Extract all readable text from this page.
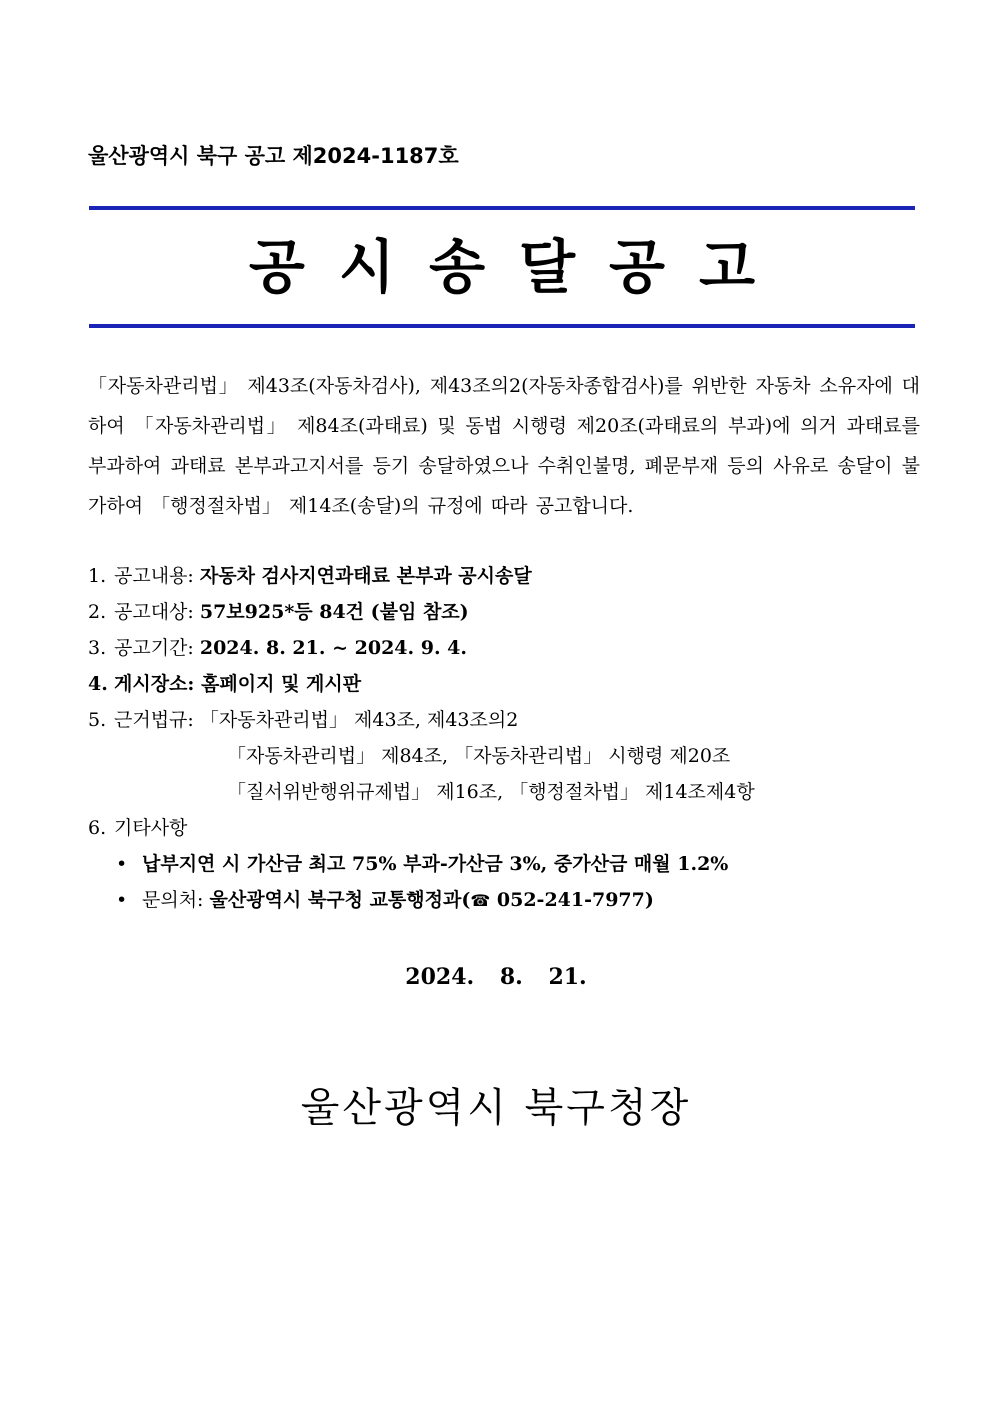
울산광역시 북구 공고 제2024-1187호
공시송달공고
「자동차관리법」 제43조(자동차검사), 제43조의2(자동차종합검사)를 위반한 자동차 소유자에 대하여 「자동차관리법」 제84조(과태료) 및 동법 시행령 제20조(과태료의 부과)에 의거 과태료를 부과하여 과태료 본부과고지서를 등기 송달하였으나 수취인불명, 폐문부재 등의 사유로 송달이 불가하여 「행정절차법」 제14조(송달)의 규정에 따라 공고합니다.
1. 공고내용: 자동차 검사지연과태료 본부과 공시송달
2. 공고대상: 57보925*등 84건 (붙임 참조)
3. 공고기간: 2024. 8. 21. ~ 2024. 9. 4.
4. 게시장소: 홈페이지 및 게시판
5. 근거법규: 「자동차관리법」 제43조, 제43조의2
「자동차관리법」 제84조, 「자동차관리법」 시행령 제20조
「질서위반행위규제법」 제16조, 「행정절차법」 제14조제4항
6. 기타사항
• 납부지연 시 가산금 최고 75% 부과-가산금 3%, 중가산금 매월 1.2%
• 문의처: 울산광역시 북구청 교통행정과(☎ 052-241-7977)
2024. 8. 21.
울산광역시 북구청장
